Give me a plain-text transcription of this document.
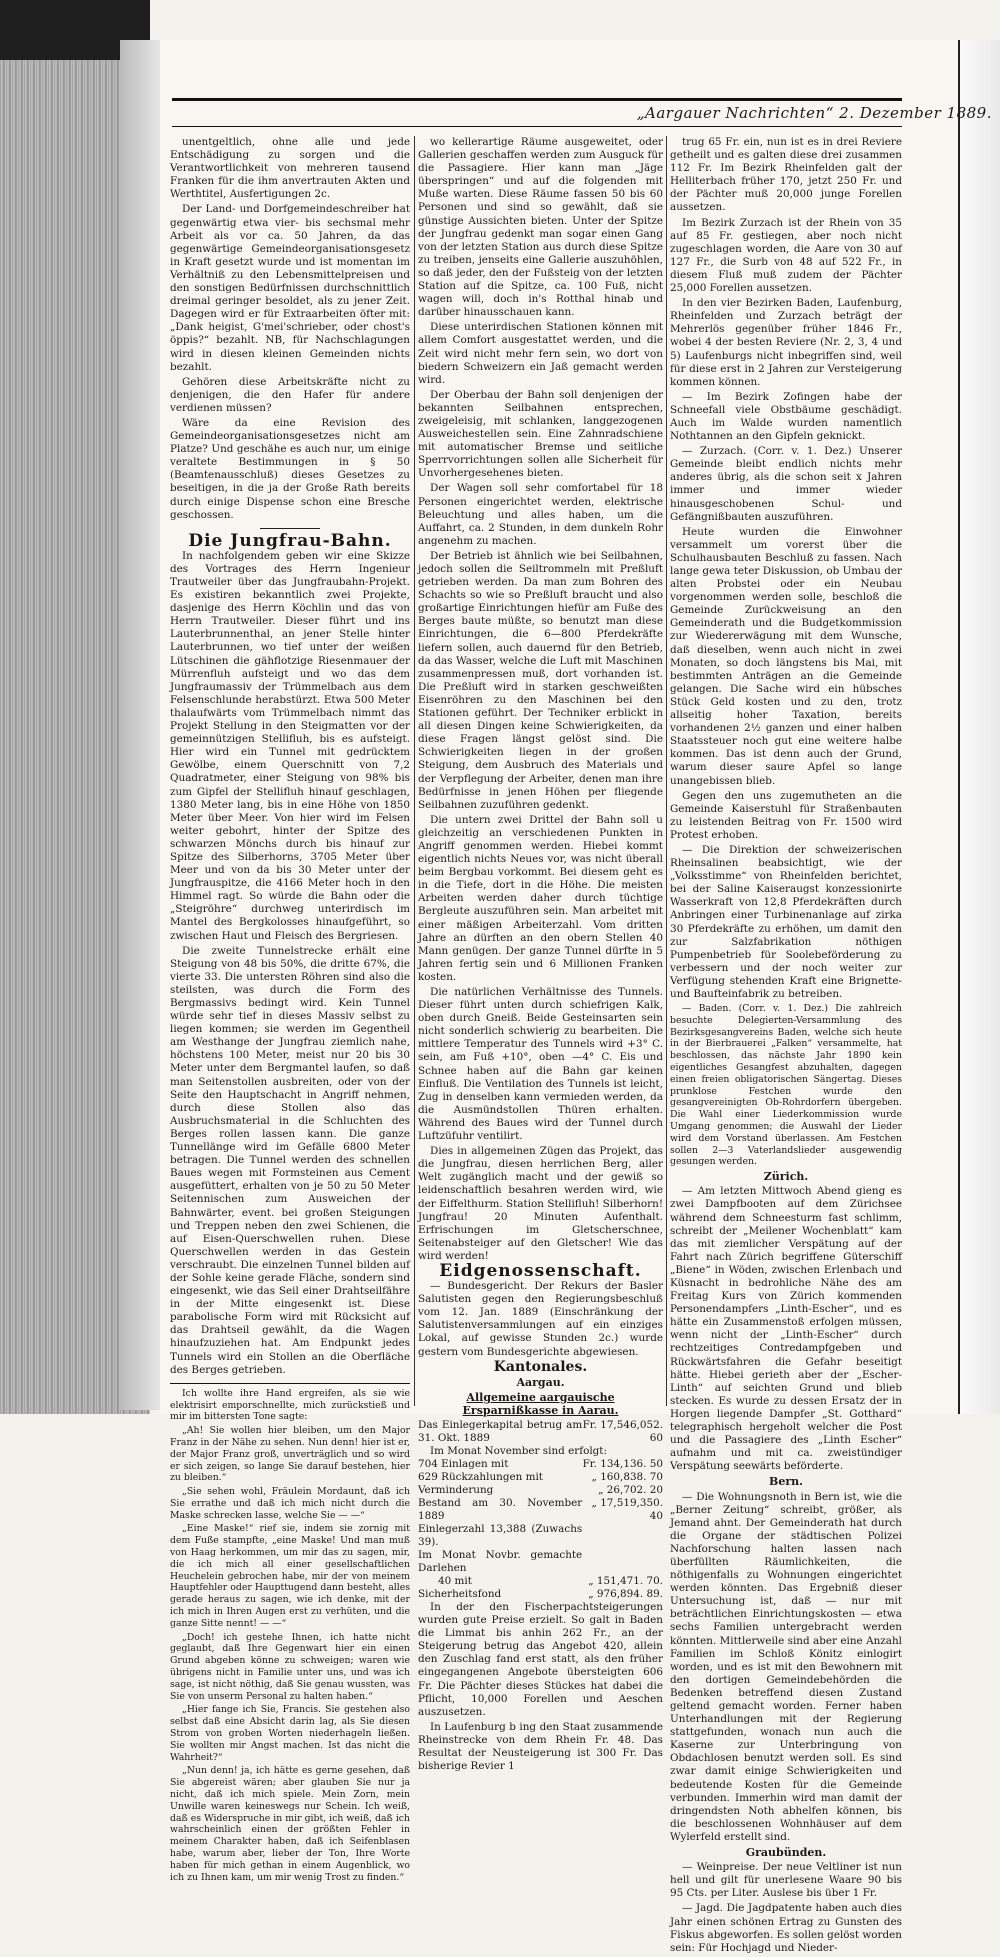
„Aargauer Nachrichten“ 2. Dezember 1889.

unentgeltlich, ohne alle und jede Entschädigung zu sorgen und die Verantwortlichkeit von mehreren tausend Franken für die ihm anvertrauten Akten und Werthtitel, Ausfertigungen 2c.

Der Land- und Dorfgemeindeschreiber hat gegenwärtig etwa vier- bis sechsmal mehr Arbeit als vor ca. 50 Jahren, da das gegenwärtige Gemeindeorganisationsgesetz in Kraft gesetzt wurde und ist momentan im Verhältniß zu den Lebensmittelpreisen und den sonstigen Bedürfnissen durchschnittlich dreimal geringer besoldet, als zu jener Zeit. Dagegen wird er für Extraarbeiten öfter mit: „Dank heigist, G'mei'schrieber, oder chost's öppis?“ bezahlt. NB, für Nachschlagungen wird in diesen kleinen Gemeinden nichts bezahlt.

Gehören diese Arbeitskräfte nicht zu denjenigen, die den Hafer für andere verdienen müssen?

Wäre da eine Revision des Gemeindeorganisationsgesetzes nicht am Platze? Und geschähe es auch nur, um einige veraltete Bestimmungen in § 50 (Beamtenausschluß) dieses Gesetzes zu beseitigen, in die ja der Große Rath bereits durch einige Dispense schon eine Bresche geschossen.

Die Jungfrau-Bahn.

In nachfolgendem geben wir eine Skizze des Vortrages des Herrn Ingenieur Trautweiler über das Jungfraubahn-Projekt. Es existiren bekanntlich zwei Projekte, dasjenige des Herrn Köchlin und das von Herrn Trautweiler. Dieser führt und ins Lauterbrunnenthal, an jener Stelle hinter Lauterbrunnen, wo tief unter der weißen Lütschinen die gähflotzige Riesenmauer der Mürrenfluh aufsteigt und wo das dem Jungfraumassiv der Trümmelbach aus dem Felsenschlunde herabstürzt. Etwa 500 Meter thalaufwärts vom Trümmelbach nimmt das Projekt Stellung in den Steigmatten vor der gemeinnützigen Stellifluh, bis es aufsteigt. Hier wird ein Tunnel mit gedrücktem Gewölbe, einem Querschnitt von 7,2 Quadratmeter, einer Steigung von 98% bis zum Gipfel der Stellifluh hinauf geschlagen, 1380 Meter lang, bis in eine Höhe von 1850 Meter über Meer. Von hier wird im Felsen weiter gebohrt, hinter der Spitze des schwarzen Mönchs durch bis hinauf zur Spitze des Silberhorns, 3705 Meter über Meer und von da bis 30 Meter unter der Jungfrauspitze, die 4166 Meter hoch in den Himmel ragt. So würde die Bahn oder die „Steigröhre“ durchweg unterirdisch im Mantel des Bergkolosses hinaufgeführt, so zwischen Haut und Fleisch des Bergriesen.

Die zweite Tunnelstrecke erhält eine Steigung von 48 bis 50%, die dritte 67%, die vierte 33. Die untersten Röhren sind also die steilsten, was durch die Form des Bergmassivs bedingt wird. Kein Tunnel würde sehr tief in dieses Massiv selbst zu liegen kommen; sie werden im Gegentheil am Westhange der Jungfrau ziemlich nahe, höchstens 100 Meter, meist nur 20 bis 30 Meter unter dem Bergmantel laufen, so daß man Seitenstollen ausbreiten, oder von der Seite den Hauptschacht in Angriff nehmen, durch diese Stollen also das Ausbruchsmaterial in die Schluchten des Berges rollen lassen kann. Die ganze Tunnellänge wird im Gefälle 6800 Meter betragen. Die Tunnel werden des schnellen Baues wegen mit Formsteinen aus Cement ausgefüttert, erhalten von je 50 zu 50 Meter Seitennischen zum Ausweichen der Bahnwärter, event. bei großen Steigungen und Treppen neben den zwei Schienen, die auf Eisen-Querschwellen ruhen. Diese Querschwellen werden in das Gestein verschraubt. Die einzelnen Tunnel bilden auf der Sohle keine gerade Fläche, sondern sind eingesenkt, wie das Seil einer Drahtseilfähre in der Mitte eingesenkt ist. Diese parabolische Form wird mit Rücksicht auf das Drahtseil gewählt, da die Wagen hinaufzuziehen hat. Am Endpunkt jedes Tunnels wird ein Stollen an die Oberfläche des Berges getrieben.

Ich wollte ihre Hand ergreifen, als sie wie elektrisirt emporschnellte, mich zurückstieß und mir im bittersten Tone sagte:

„Ah! Sie wollen hier bleiben, um den Major Franz in der Nähe zu sehen. Nun denn! hier ist er, der Major Franz groß, unverträglich und so wird er sich zeigen, so lange Sie darauf bestehen, hier zu bleiben.“

„Sie sehen wohl, Fräulein Mordaunt, daß ich Sie errathe und daß ich mich nicht durch die Maske schrecken lasse, welche Sie — —“

„Eine Maske!“ rief sie, indem sie zornig mit dem Fuße stampfte, „eine Maske! Und man muß von Haag herkommen, um mir das zu sagen, mir, die ich mich all einer gesellschaftlichen Heuchelein gebrochen habe, mir der von meinem Hauptfehler oder Haupttugend dann besteht, alles gerade heraus zu sagen, wie ich denke, mit der ich mich in Ihren Augen erst zu verhüten, und die ganze Sitte nennt! — —“

„Doch! ich gestehe Ihnen, ich hatte nicht geglaubt, daß Ihre Gegenwart hier ein einen Grund abgeben könne zu schweigen; waren wie übrigens nicht in Familie unter uns, und was ich sage, ist nicht nöthig, daß Sie genau wussten, was Sie von unserm Personal zu halten haben.“

„Hier fange ich Sie, Francis. Sie gestehen also selbst daß eine Absicht darin lag, als Sie diesen Strom von groben Worten niederhageln ließen. Sie wollten mir Angst machen. Ist das nicht die Wahrheit?“

„Nun denn! ja, ich hätte es gerne gesehen, daß Sie abgereist wären; aber glauben Sie nur ja nicht, daß ich mich spiele. Mein Zorn, mein Unwille waren keineswegs nur Schein. Ich weiß, daß es Widerspruche in mir gibt, ich weiß, daß ich wahrscheinlich einen der größten Fehler in meinem Charakter haben, daß ich Seifenblasen habe, warum aber, lieber der Ton, Ihre Worte haben für mich gethan in einem Augenblick, wo ich zu Ihnen kam, um mir wenig Trost zu finden.“

wo kellerartige Räume ausgeweitet, oder Gallerien geschaffen werden zum Ausguck für die Passagiere. Hier kann man „Jäge überspringen“ und auf die folgenden mit Muße warten. Diese Räume fassen 50 bis 60 Personen und sind so gewählt, daß sie günstige Aussichten bieten. Unter der Spitze der Jungfrau gedenkt man sogar einen Gang von der letzten Station aus durch diese Spitze zu treiben, jenseits eine Gallerie auszuhöhlen, so daß jeder, den der Fußsteig von der letzten Station auf die Spitze, ca. 100 Fuß, nicht wagen will, doch in's Rotthal hinab und darüber hinausschauen kann.

Diese unterirdischen Stationen können mit allem Comfort ausgestattet werden, und die Zeit wird nicht mehr fern sein, wo dort von biedern Schweizern ein Jaß gemacht werden wird.

Der Oberbau der Bahn soll denjenigen der bekannten Seilbahnen entsprechen, zweigeleisig, mit schlanken, langgezogenen Ausweichestellen sein. Eine Zahnradschiene mit automatischer Bremse und seitliche Sperrvorrichtungen sollen alle Sicherheit für Unvorhergesehenes bieten.

Der Wagen soll sehr comfortabel für 18 Personen eingerichtet werden, elektrische Beleuchtung und alles haben, um die Auffahrt, ca. 2 Stunden, in dem dunkeln Rohr angenehm zu machen.

Der Betrieb ist ähnlich wie bei Seilbahnen, jedoch sollen die Seiltrommeln mit Preßluft getrieben werden. Da man zum Bohren des Schachts so wie so Preßluft braucht und also großartige Einrichtungen hiefür am Fuße des Berges baute müßte, so benutzt man diese Einrichtungen, die 6—800 Pferdekräfte liefern sollen, auch dauernd für den Betrieb, da das Wasser, welche die Luft mit Maschinen zusammenpressen muß, dort vorhanden ist. Die Preßluft wird in starken geschweißten Eisenröhren zu den Maschinen bei den Stationen geführt. Der Techniker erblickt in all diesen Dingen keine Schwierigkeiten, da diese Fragen längst gelöst sind. Die Schwierigkeiten liegen in der großen Steigung, dem Ausbruch des Materials und der Verpflegung der Arbeiter, denen man ihre Bedürfnisse in jenen Höhen per fliegende Seilbahnen zuzuführen gedenkt.

Die untern zwei Drittel der Bahn soll u gleichzeitig an verschiedenen Punkten in Angriff genommen werden. Hiebei kommt eigentlich nichts Neues vor, was nicht überall beim Bergbau vorkommt. Bei diesem geht es in die Tiefe, dort in die Höhe. Die meisten Arbeiten werden daher durch tüchtige Bergleute auszuführen sein. Man arbeitet mit einer mäßigen Arbeiterzahl. Vom dritten Jahre an dürften an den obern Stellen 40 Mann genügen. Der ganze Tunnel dürfte in 5 Jahren fertig sein und 6 Millionen Franken kosten.

Die natürlichen Verhältnisse des Tunnels. Dieser führt unten durch schiefrigen Kalk, oben durch Gneiß. Beide Gesteinsarten sein nicht sonderlich schwierig zu bearbeiten. Die mittlere Temperatur des Tunnels wird +3° C. sein, am Fuß +10°, oben —4° C. Eis und Schnee haben auf die Bahn gar keinen Einfluß. Die Ventilation des Tunnels ist leicht, Zug in denselben kann vermieden werden, da die Ausmündstollen Thüren erhalten. Während des Baues wird der Tunnel durch Luftzüfuhr ventilirt.

Dies in allgemeinen Zügen das Projekt, das die Jungfrau, diesen herrlichen Berg, aller Welt zugänglich macht und der gewiß so leidenschaftlich besahren werden wird, wie der Eiffelthurm. Station Stellifluh! Silberhorn! Jungfrau! 20 Minuten Aufenthalt. Erfrischungen im Gletscherschnee, Seitenabsteiger auf den Gletscher! Wie das wird werden!

Eidgenossenschaft.

— Bundesgericht. Der Rekurs der Basler Salutisten gegen den Regierungsbeschluß vom 12. Jan. 1889 (Einschränkung der Salutistenversammlungen auf ein einziges Lokal, auf gewisse Stunden 2c.) wurde gestern vom Bundesgerichte abgewiesen.

Kantonales.

Aargau.

Allgemeine aargauische Ersparnißkasse in Aarau.

Das Einlegerkapital betrug am 31. Okt. 1889	Fr. 17,546,052. 60
Im Monat November sind erfolgt:	
704 Einlagen mit	Fr. 134,136. 50
629 Rückzahlungen mit	„ 160,838. 70
Verminderung	„ 26,702. 20
Bestand am 30. November 1889	„ 17,519,350. 40
Einlegerzahl 13,388 (Zuwachs 39).	
Im Monat Novbr. gemachte Darlehen	
40 mit	„ 151,471. 70.
Sicherheitsfond	„ 976,894. 89.

In der den Fischerpachtsteigerungen wurden gute Preise erzielt. So galt in Baden die Limmat bis anhin 262 Fr., an der Steigerung betrug das Angebot 420, allein den Zuschlag fand erst statt, als den früher eingegangenen Angebote übersteigten 606 Fr. Die Pächter dieses Stückes hat dabei die Pflicht, 10,000 Forellen und Aeschen auszusetzen.

In Laufenburg b ing den Staat zusammende Rheinstrecke von dem Rhein Fr. 48. Das Resultat der Neusteigerung ist 300 Fr. Das bisherige Revier 1

trug 65 Fr. ein, nun ist es in drei Reviere getheilt und es galten diese drei zusammen 112 Fr. Im Bezirk Rheinfelden galt der Helliterbach früher 170, jetzt 250 Fr. und der Pächter muß 20,000 junge Forellen aussetzen.

Im Bezirk Zurzach ist der Rhein von 35 auf 85 Fr. gestiegen, aber noch nicht zugeschlagen worden, die Aare von 30 auf 127 Fr., die Surb von 48 auf 522 Fr., in diesem Fluß muß zudem der Pächter 25,000 Forellen aussetzen.

In den vier Bezirken Baden, Laufenburg, Rheinfelden und Zurzach beträgt der Mehrerlös gegenüber früher 1846 Fr., wobei 4 der besten Reviere (Nr. 2, 3, 4 und 5) Laufenburgs nicht inbegriffen sind, weil für diese erst in 2 Jahren zur Versteigerung kommen können.

— Im Bezirk Zofingen habe der Schneefall viele Obstbäume geschädigt. Auch im Walde wurden namentlich Nothtannen an den Gipfeln geknickt.

— Zurzach. (Corr. v. 1. Dez.) Unserer Gemeinde bleibt endlich nichts mehr anderes übrig, als die schon seit x Jahren immer und immer wieder hinausgeschobenen Schul- und Gefängnißbauten auszuführen.

Heute wurden die Einwohner versammelt um vorerst über die Schulhausbauten Beschluß zu fassen. Nach lange gewa teter Diskussion, ob Umbau der alten Probstei oder ein Neubau vorgenommen werden solle, beschloß die Gemeinde Zurückweisung an den Gemeinderath und die Budgetkommission zur Wiedererwägung mit dem Wunsche, daß dieselben, wenn auch nicht in zwei Monaten, so doch längstens bis Mai, mit bestimmten Anträgen an die Gemeinde gelangen. Die Sache wird ein hübsches Stück Geld kosten und zu den, trotz allseitig hoher Taxation, bereits vorhandenen 2½ ganzen und einer halben Staatssteuer noch gut eine weitere halbe kommen. Das ist denn auch der Grund, warum dieser saure Apfel so lange unangebissen blieb.

Gegen den uns zugemutheten an die Gemeinde Kaiserstuhl für Straßenbauten zu leistenden Beitrag von Fr. 1500 wird Protest erhoben.

— Die Direktion der schweizerischen Rheinsalinen beabsichtigt, wie der „Volksstimme“ von Rheinfelden berichtet, bei der Saline Kaiseraugst konzessionirte Wasserkraft von 12,8 Pferdekräften durch Anbringen einer Turbinenanlage auf zirka 30 Pferdekräfte zu erhöhen, um damit den zur Salzfabrikation nöthigen Pumpenbetrieb für Soolebeförderung zu verbessern und der noch weiter zur Verfügung stehenden Kraft eine Brignette- und Baufteinfabrik zu betreiben.

— Baden. (Corr. v. 1. Dez.) Die zahlreich besuchte Delegierten-Versammlung des Bezirksgesangvereins Baden, welche sich heute in der Bierbrauerei „Falken“ versammelte, hat beschlossen, das nächste Jahr 1890 kein eigentliches Gesangfest abzuhalten, dagegen einen freien obligatorischen Sängertag. Dieses prunklose Festchen wurde den gesangvereinigten Ob-Rohrdorfern übergeben. Die Wahl einer Liederkommission wurde Umgang genommen; die Auswahl der Lieder wird dem Vorstand überlassen. Am Festchen sollen 2—3 Vaterlandslieder ausgewendig gesungen werden.

Zürich.

— Am letzten Mittwoch Abend gieng es zwei Dampfbooten auf dem Zürichsee während dem Schneesturm fast schlimm, schreibt der „Meilener Wochenblatt“ kam das mit ziemlicher Verspätung auf der Fahrt nach Zürich begriffene Güterschiff „Biene“ in Wöden, zwischen Erlenbach und Küsnacht in bedrohliche Nähe des am Freitag Kurs von Zürich kommenden Personendampfers „Linth-Escher“, und es hätte ein Zusammenstoß erfolgen müssen, wenn nicht der „Linth-Escher“ durch rechtzeitiges Contredampfgeben und Rückwärtsfahren die Gefahr beseitigt hätte. Hiebei gerieth aber der „Escher-Linth“ auf seichten Grund und blieb stecken. Es wurde zu dessen Ersatz der in Horgen liegende Dampfer „St. Gotthard“ telegraphisch hergeholt welcher die Post und die Passagiere des „Linth Escher“ aufnahm und mit ca. zweistündiger Verspätung seewärts beförderte.

Bern.

— Die Wohnungsnoth in Bern ist, wie die „Berner Zeitung“ schreibt, größer, als Jemand ahnt. Der Gemeinderath hat durch die Organe der städtischen Polizei Nachforschung halten lassen nach überfüllten Räumlichkeiten, die nöthigenfalls zu Wohnungen eingerichtet werden könnten. Das Ergebniß dieser Untersuchung ist, daß — nur mit beträchtlichen Einrichtungskosten — etwa sechs Familien untergebracht werden könnten. Mittlerweile sind aber eine Anzahl Familien im Schloß Könitz einlogirt worden, und es ist mit den Bewohnern mit den dortigen Gemeindebehörden die Bedenken betreffend diesen Zustand geltend gemacht worden. Ferner haben Unterhandlungen mit der Regierung stattgefunden, wonach nun auch die Kaserne zur Unterbringung von Obdachlosen benutzt werden soll. Es sind zwar damit einige Schwierigkeiten und bedeutende Kosten für die Gemeinde verbunden. Immerhin wird man damit der dringendsten Noth abhelfen können, bis die beschlossenen Wohnhäuser auf dem Wylerfeld erstellt sind.

Graubünden.

— Weinpreise. Der neue Veltliner ist nun hell und gilt für unerlesene Waare 90 bis 95 Cts. per Liter. Auslese bis über 1 Fr.

— Jagd. Die Jagdpatente haben auch dies Jahr einen schönen Ertrag zu Gunsten des Fiskus abgeworfen. Es sollen gelöst worden sein: Für Hochjagd und Nieder-
